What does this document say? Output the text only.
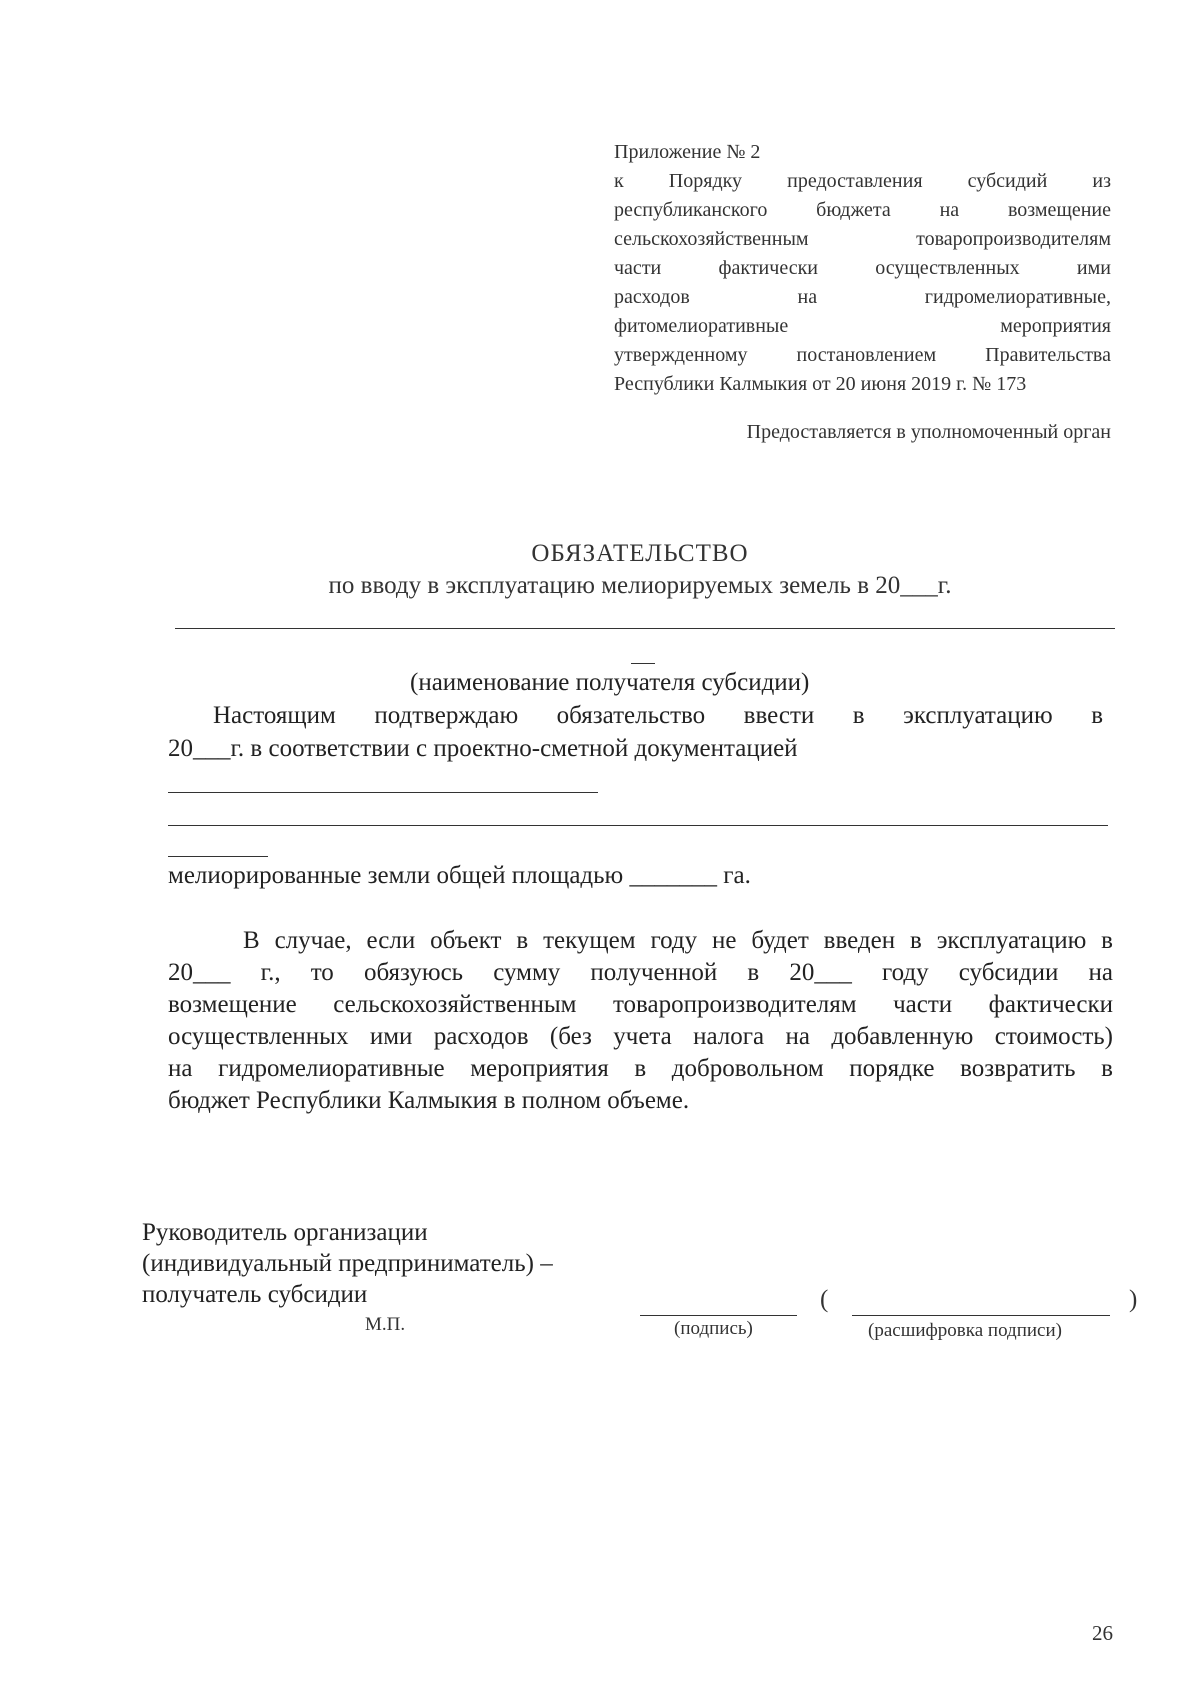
Приложение № 2
к Порядку предоставления субсидий из
республиканского бюджета на возмещение
сельскохозяйственным товаропроизводителям
части фактически осуществленных ими
расходов на гидромелиоративные,
фитомелиоративные мероприятия
утвержденному постановлением Правительства
Республики Калмыкия от 20 июня 2019 г. № 173
Предоставляется в уполномоченный орган
ОБЯЗАТЕЛЬСТВО
по вводу в эксплуатацию мелиорируемых земель в 20___г.
(наименование получателя субсидии)
Настоящим подтверждаю обязательство ввести в эксплуатацию в
20___г. в соответствии с проектно-сметной документацией
мелиорированные земли общей площадью _______ га.
В случае, если объект в текущем году не будет введен в эксплуатацию в
20___ г., то обязуюсь сумму полученной в 20___ году субсидии на
возмещение сельскохозяйственным товаропроизводителям части фактически
осуществленных ими расходов (без учета налога на добавленную стоимость)
на гидромелиоративные мероприятия в добровольном порядке возвратить в
бюджет Республики Калмыкия в полном объеме.
Руководитель организации
(индивидуальный предприниматель) –
получатель субсидии
М.П.	(подпись)
(	)
(расшифровка подписи)
26
